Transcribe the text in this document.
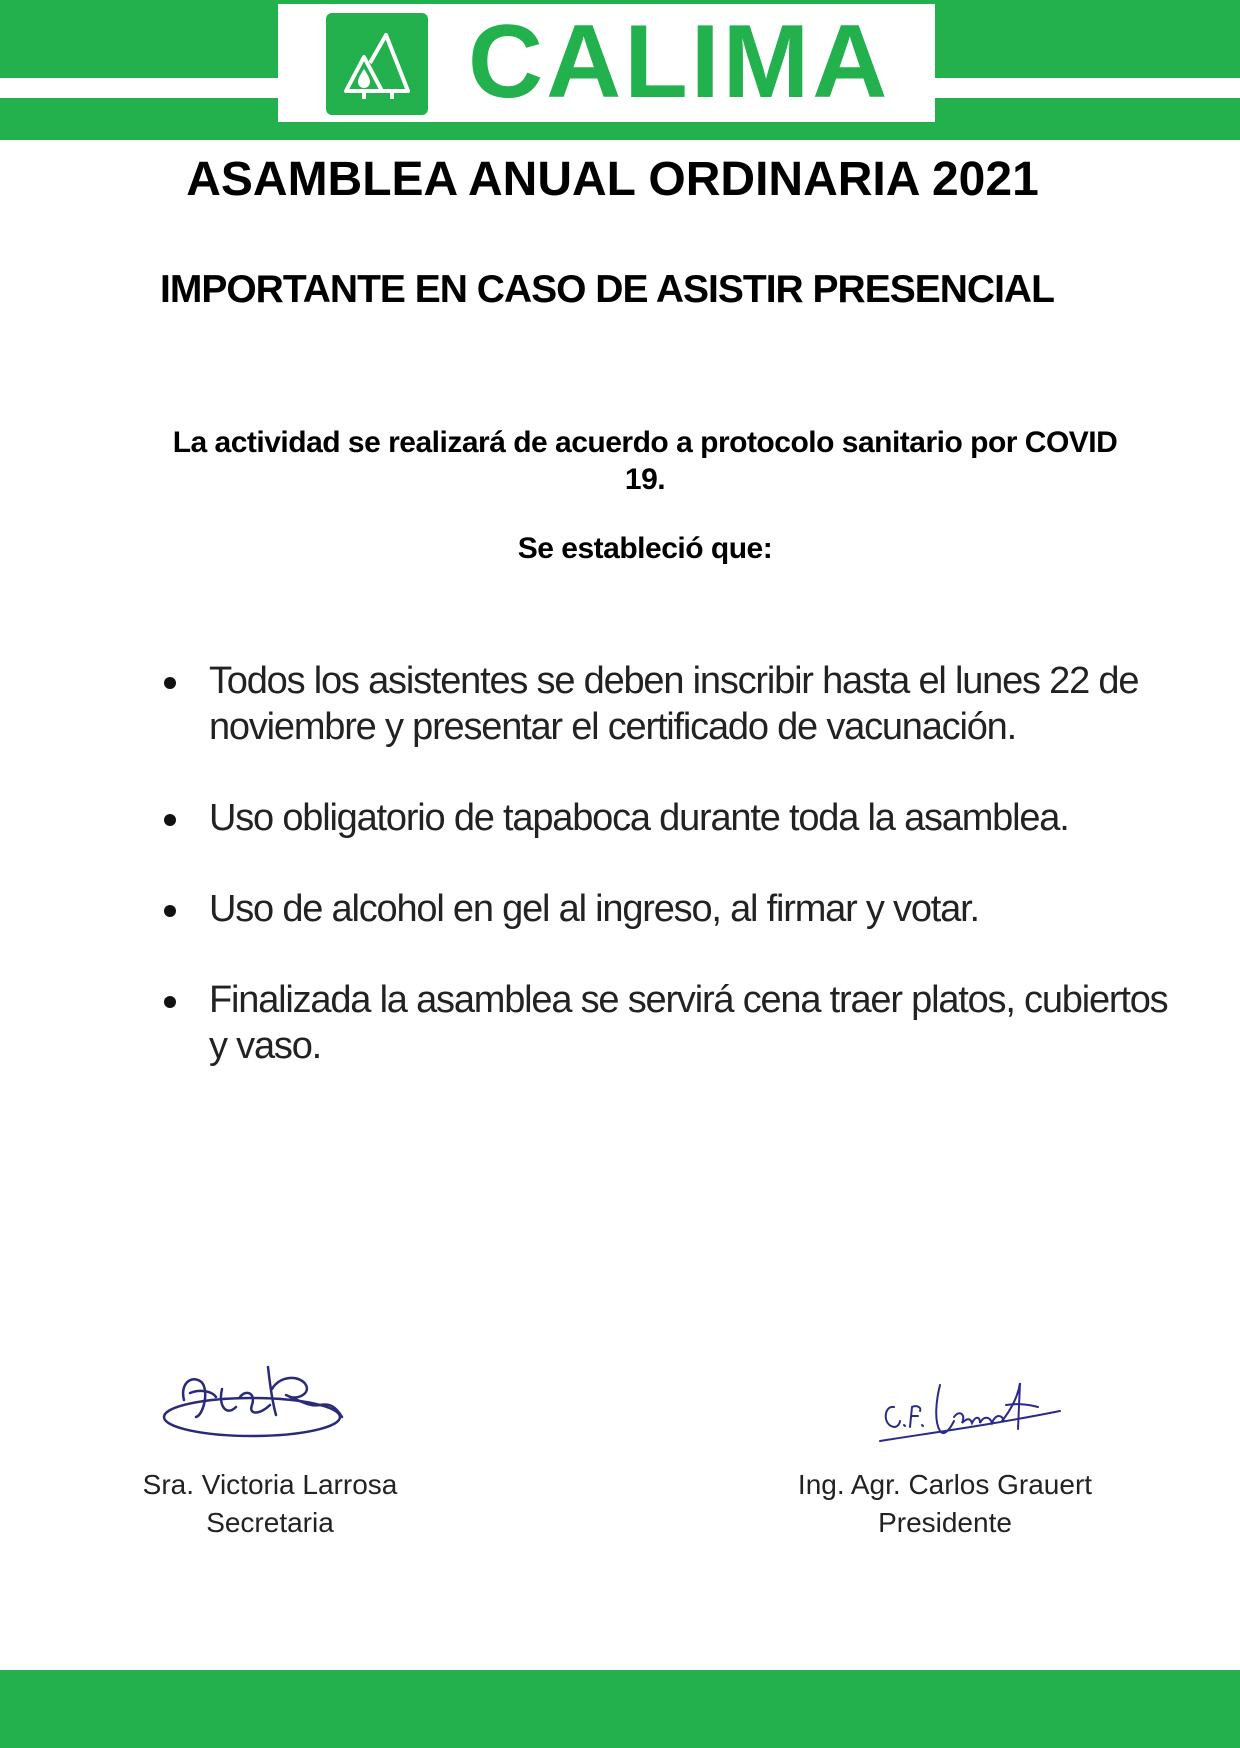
CALIMA
ASAMBLEA ANUAL ORDINARIA 2021
IMPORTANTE EN CASO DE ASISTIR PRESENCIAL
La actividad se realizará de acuerdo a protocolo sanitario por COVID 19.
Se estableció que:
Todos los asistentes se deben inscribir hasta el lunes 22 de noviembre y presentar el certificado de vacunación.
Uso obligatorio de tapaboca durante toda la asamblea.
Uso de alcohol en gel al ingreso, al firmar y votar.
Finalizada la asamblea se servirá cena traer platos, cubiertos y vaso.
Sra. Victoria Larrosa
Secretaria
Ing. Agr. Carlos Grauert
Presidente
